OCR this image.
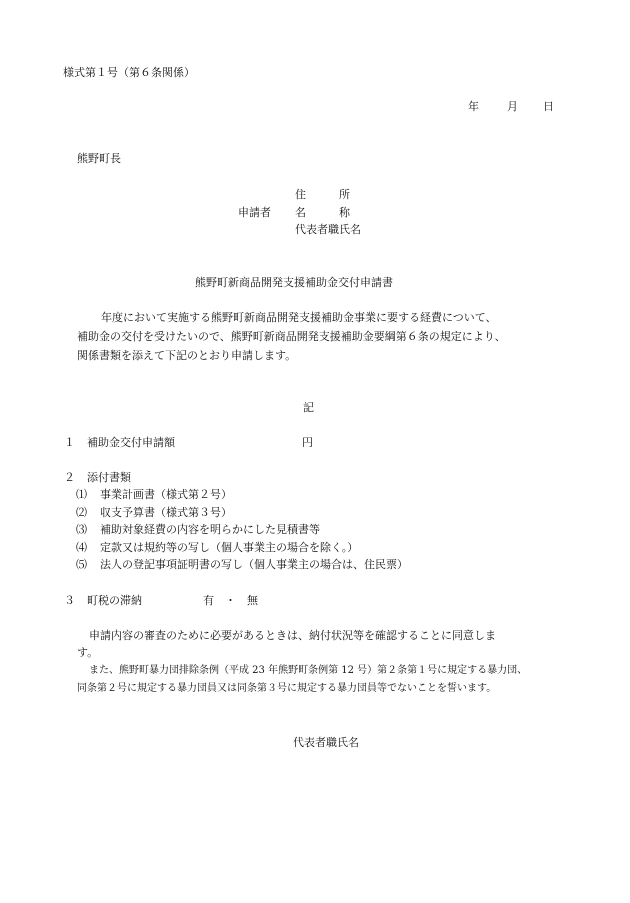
様式第１号（第６条関係）
年	月 日
熊野町長
住　　　所
申請者 名　　　称
代表者職氏名
熊野町新商品開発支援補助金交付申請書
年度において実施する熊野町新商品開発支援補助金事業に要する経費について、
補助金の交付を受けたいので、熊野町新商品開発支援補助金要綱第６条の規定により、
関係書類を添えて下記のとおり申請します。
記
１ 補助金交付申請額	円
２ 添付書類
⑴ 事業計画書（様式第２号）
⑵ 収支予算書（様式第３号）
⑶ 補助対象経費の内容を明らかにした見積書等
⑷ 定款又は規約等の写し（個人事業主の場合を除く。）
⑸ 法人の登記事項証明書の写し（個人事業主の場合は、住民票）
３ 町税の滞納	有　・　無
申請内容の審査のために必要があるときは、納付状況等を確認することに同意しま
す。
また、熊野町暴力団排除条例（平成 23 年熊野町条例第 12 号）第２条第１号に規定する暴力団、
同条第２号に規定する暴力団員又は同条第３号に規定する暴力団員等でないことを誓います。
代表者職氏名
